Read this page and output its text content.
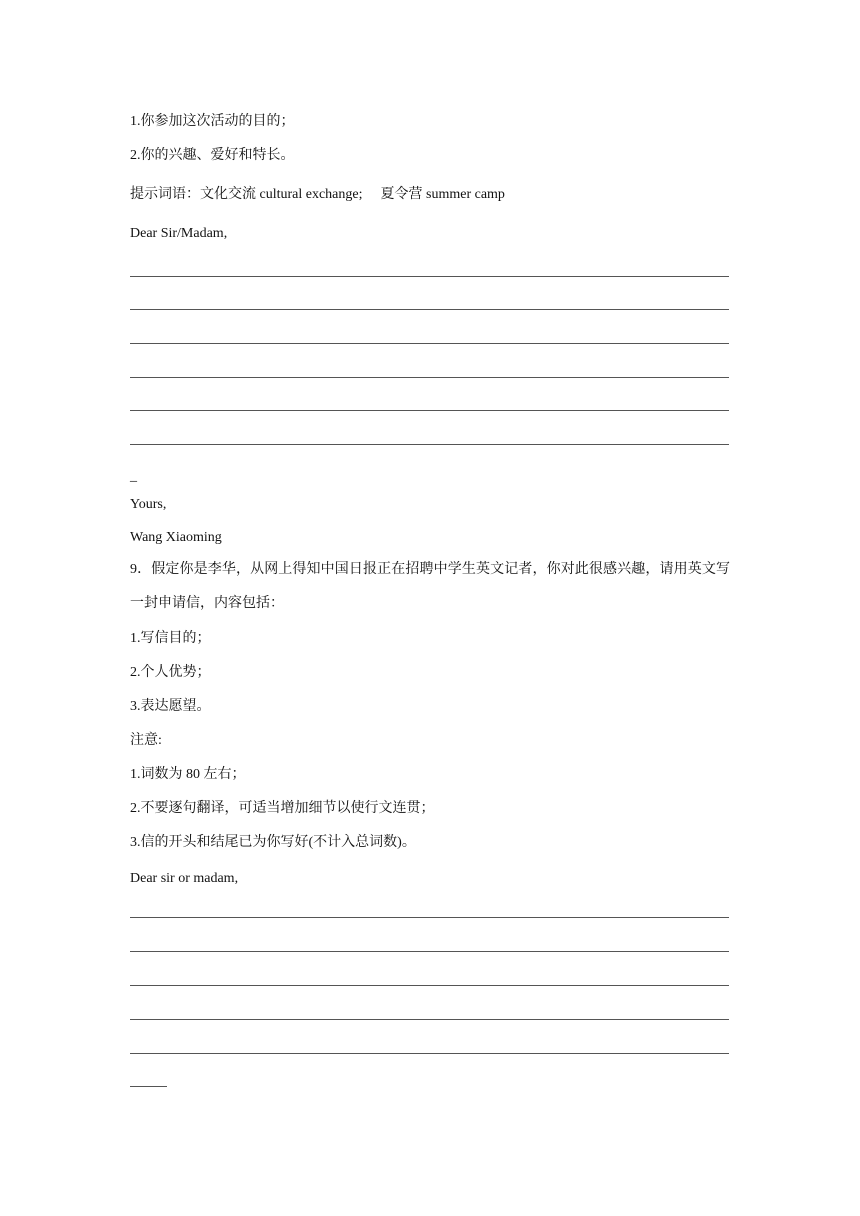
1.你参加这次活动的目的；
2.你的兴趣、爱好和特长。
提示词语：文化交流 cultural exchange; 夏令营 summer camp
Dear Sir/Madam,
_
Yours,
Wang Xiaoming
9．假定你是李华，从网上得知中国日报正在招聘中学生英文记者，你对此很感兴趣，请用英文写一封申请信，内容包括：
1.写信目的；
2.个人优势；
3.表达愿望。
注意:
1.词数为 80 左右；
2.不要逐句翻译，可适当增加细节以使行文连贯；
3.信的开头和结尾已为你写好(不计入总词数)。
Dear sir or madam,
